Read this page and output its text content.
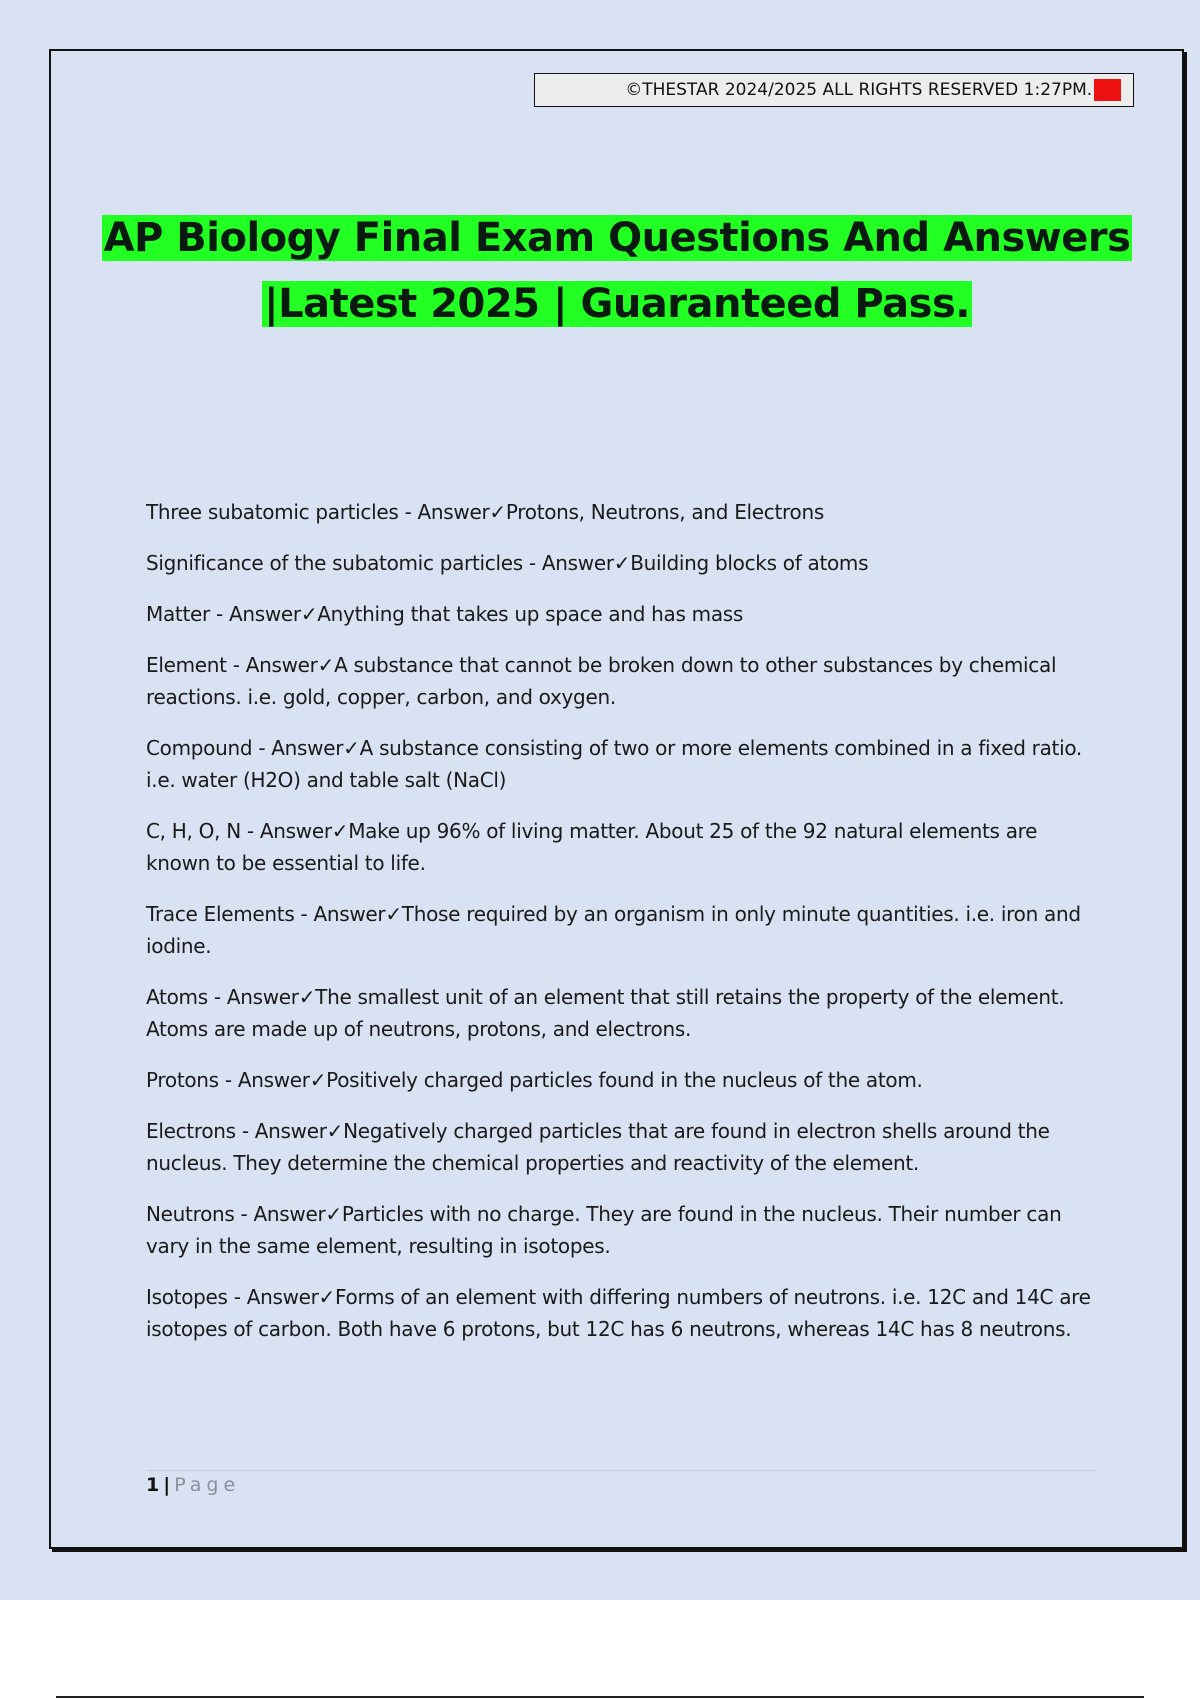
©THESTAR 2024/2025 ALL RIGHTS RESERVED 1:27PM. A+
AP Biology Final Exam Questions And Answers
|Latest 2025 | Guaranteed Pass.

Three subatomic particles - Answer✓Protons, Neutrons, and Electrons

Significance of the subatomic particles - Answer✓Building blocks of atoms

Matter - Answer✓Anything that takes up space and has mass

Element - Answer✓A substance that cannot be broken down to other substances by chemical reactions. i.e. gold, copper, carbon, and oxygen.

Compound - Answer✓A substance consisting of two or more elements combined in a fixed ratio. i.e. water (H2O) and table salt (NaCl)

C, H, O, N - Answer✓Make up 96% of living matter. About 25 of the 92 natural elements are known to be essential to life.

Trace Elements - Answer✓Those required by an organism in only minute quantities. i.e. iron and iodine.

Atoms - Answer✓The smallest unit of an element that still retains the property of the element. Atoms are made up of neutrons, protons, and electrons.

Protons - Answer✓Positively charged particles found in the nucleus of the atom.

Electrons - Answer✓Negatively charged particles that are found in electron shells around the nucleus. They determine the chemical properties and reactivity of the element.

Neutrons - Answer✓Particles with no charge. They are found in the nucleus. Their number can vary in the same element, resulting in isotopes.

Isotopes - Answer✓Forms of an element with differing numbers of neutrons. i.e. 12C and 14C are isotopes of carbon. Both have 6 protons, but 12C has 6 neutrons, whereas 14C has 8 neutrons.

1 | Page
